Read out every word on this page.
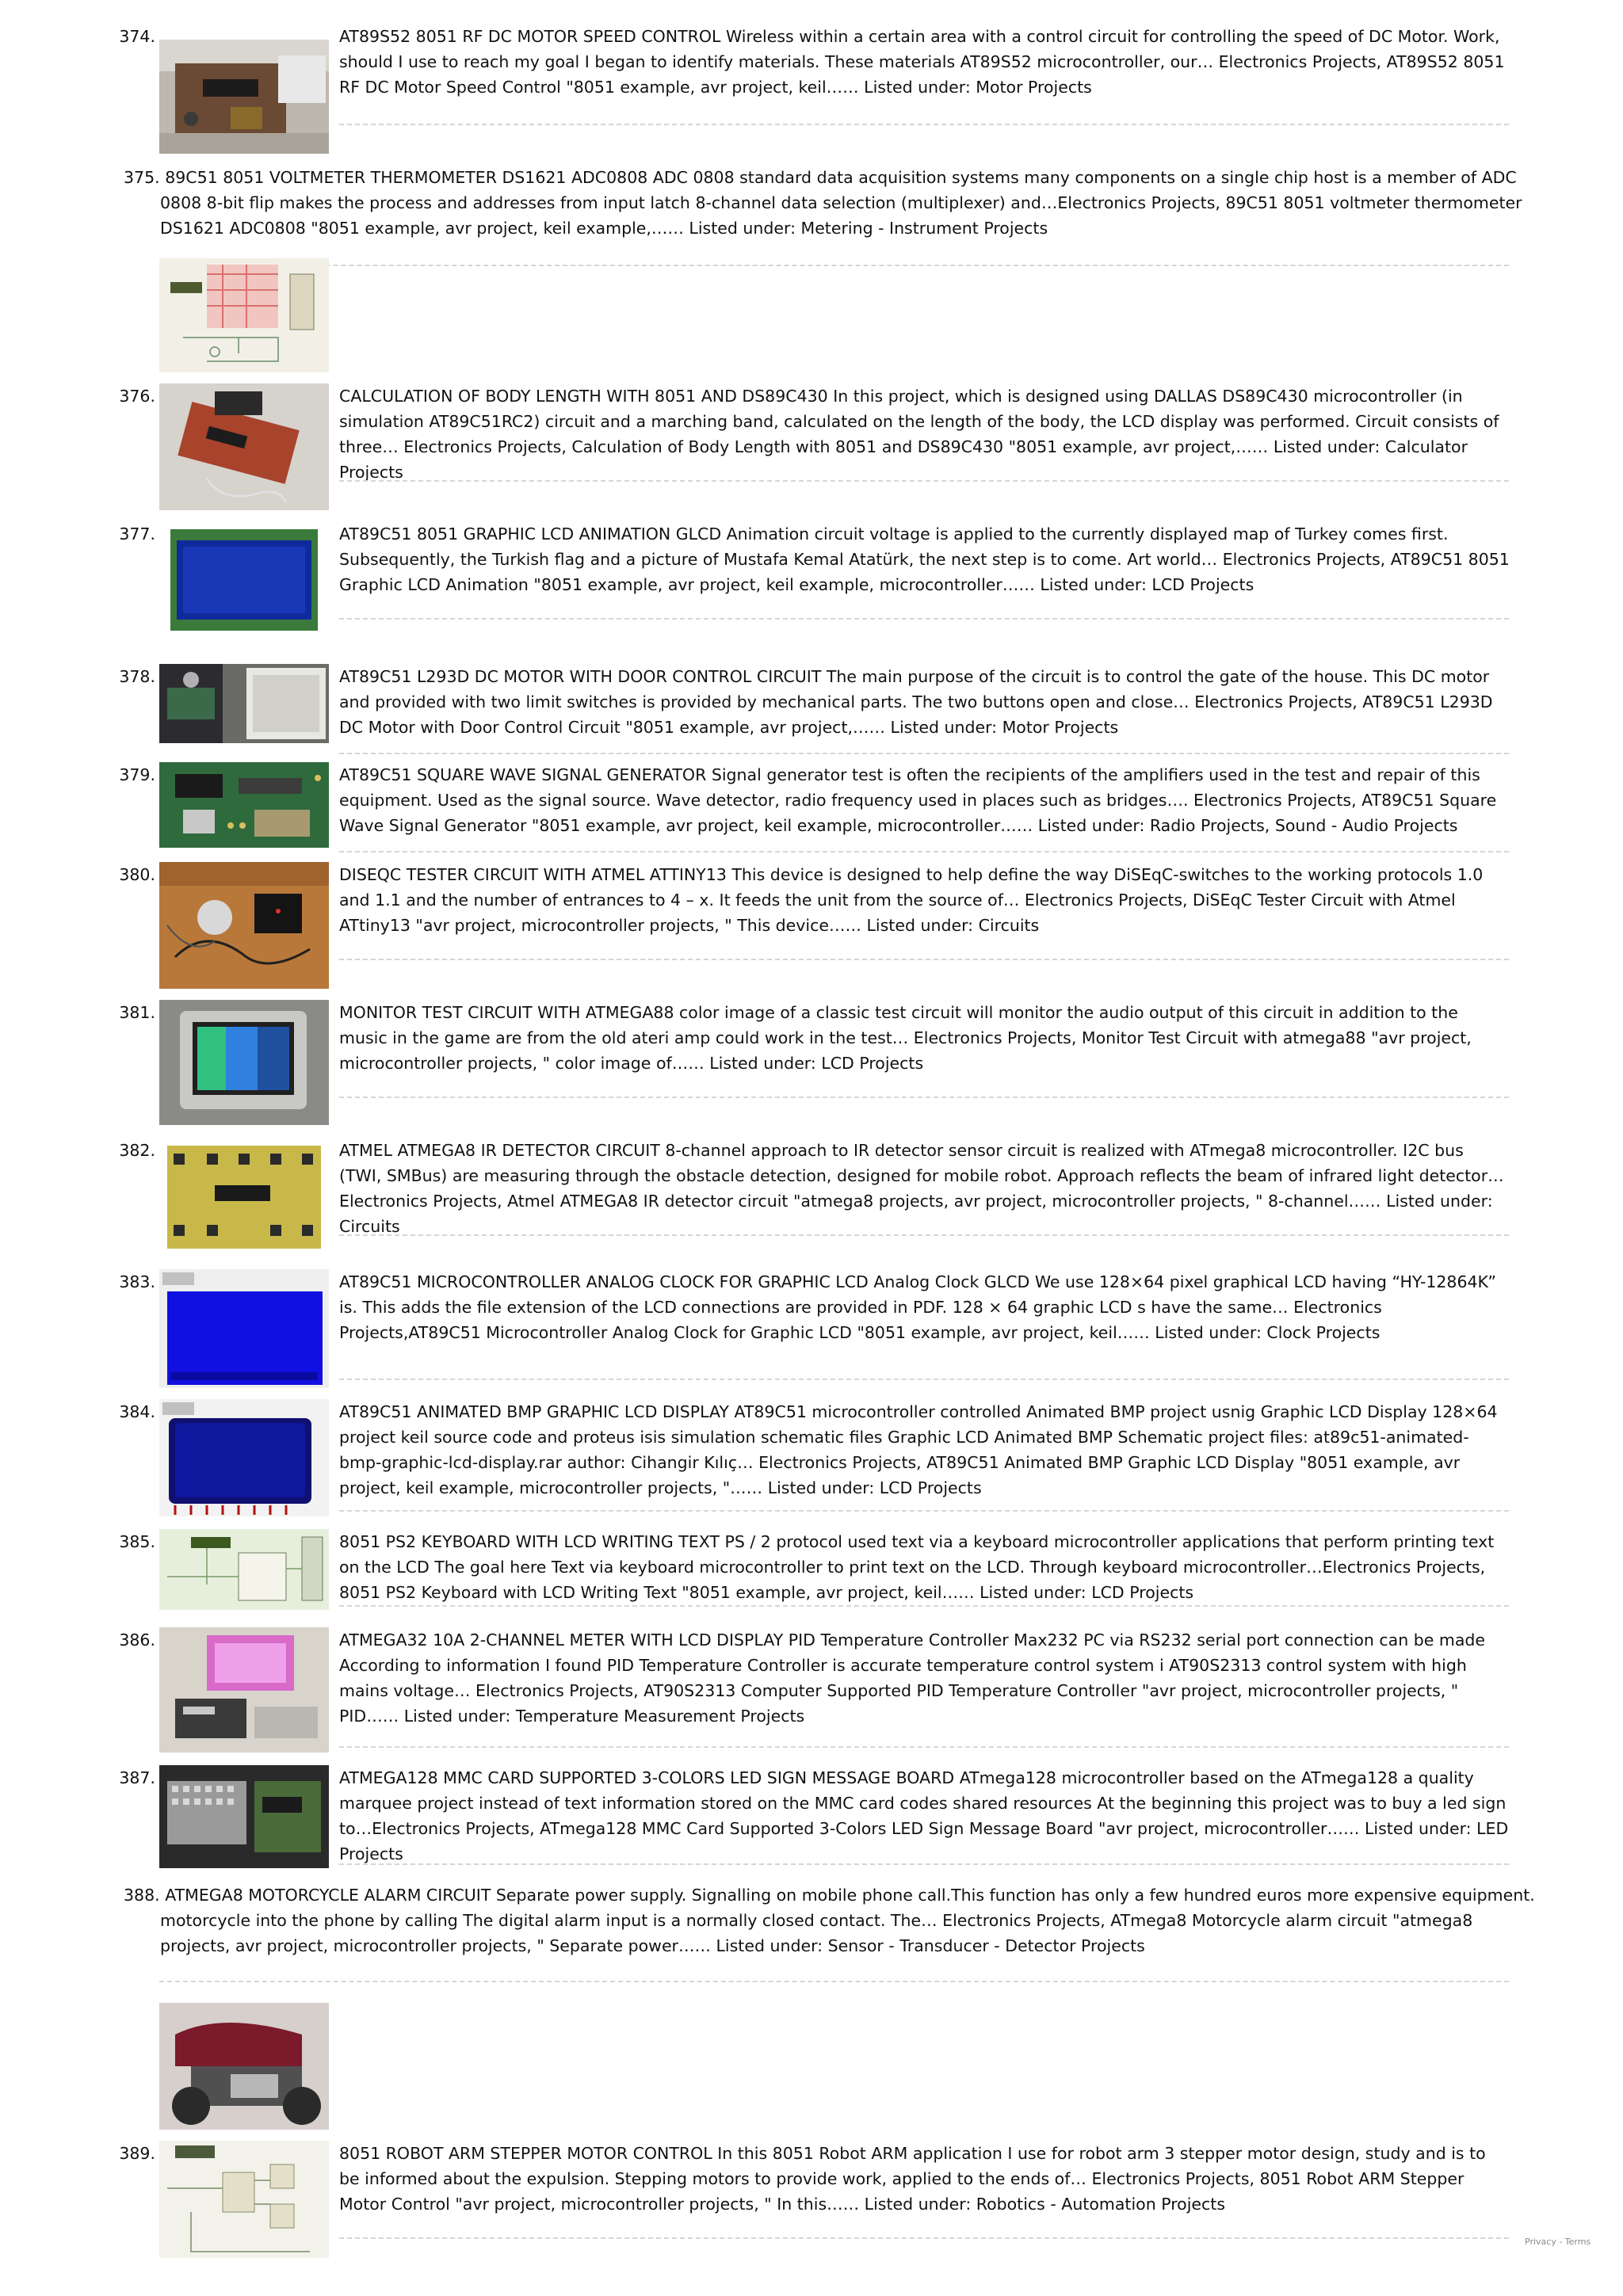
374.	AT89S52 8051 RF DC MOTOR SPEED CONTROL Wireless within a certain area with a control circuit for controlling the speed of DC Motor. Work, should I use to reach my goal I began to identify materials. These materials AT89S52 microcontroller, our… Electronics Projects, AT89S52 8051 RF DC Motor Speed Control "8051 example, avr project, keil…… Listed under: Motor Projects
375. 89C51 8051 VOLTMETER THERMOMETER DS1621 ADC0808 ADC 0808 standard data acquisition systems many components on a single chip host is a member of ADC 0808 8-bit flip makes the process and addresses from input latch 8-channel data selection (multiplexer) and…Electronics Projects, 89C51 8051 voltmeter thermometer DS1621 ADC0808 "8051 example, avr project, keil example,…… Listed under: Metering - Instrument Projects
376.	CALCULATION OF BODY LENGTH WITH 8051 AND DS89C430 In this project, which is designed using DALLAS DS89C430 microcontroller (in simulation AT89C51RC2) circuit and a marching band, calculated on the length of the body, the LCD display was performed. Circuit consists of three… Electronics Projects, Calculation of Body Length with 8051 and DS89C430 "8051 example, avr project,…… Listed under: Calculator Projects
377.	AT89C51 8051 GRAPHIC LCD ANIMATION GLCD Animation circuit voltage is applied to the currently displayed map of Turkey comes first. Subsequently, the Turkish flag and a picture of Mustafa Kemal Atatürk, the next step is to come. Art world… Electronics Projects, AT89C51 8051 Graphic LCD Animation "8051 example, avr project, keil example, microcontroller…… Listed under: LCD Projects
378.	AT89C51 L293D DC MOTOR WITH DOOR CONTROL CIRCUIT The main purpose of the circuit is to control the gate of the house. This DC motor and provided with two limit switches is provided by mechanical parts. The two buttons open and close… Electronics Projects, AT89C51 L293D DC Motor with Door Control Circuit "8051 example, avr project,…… Listed under: Motor Projects
379.	AT89C51 SQUARE WAVE SIGNAL GENERATOR Signal generator test is often the recipients of the amplifiers used in the test and repair of this equipment. Used as the signal source. Wave detector, radio frequency used in places such as bridges…. Electronics Projects, AT89C51 Square Wave Signal Generator "8051 example, avr project, keil example, microcontroller…… Listed under: Radio Projects, Sound - Audio Projects
380.	DISEQC TESTER CIRCUIT WITH ATMEL ATTINY13 This device is designed to help define the way DiSEqC-switches to the working protocols 1.0 and 1.1 and the number of entrances to 4 – x. It feeds the unit from the source of… Electronics Projects, DiSEqC Tester Circuit with Atmel ATtiny13 "avr project, microcontroller projects, " This device…… Listed under: Circuits
381.	MONITOR TEST CIRCUIT WITH ATMEGA88 color image of a classic test circuit will monitor the audio output of this circuit in addition to the music in the game are from the old ateri amp could work in the test… Electronics Projects, Monitor Test Circuit with atmega88 "avr project, microcontroller projects, " color image of…… Listed under: LCD Projects
382.	ATMEL ATMEGA8 IR DETECTOR CIRCUIT 8-channel approach to IR detector sensor circuit is realized with ATmega8 microcontroller. I2C bus (TWI, SMBus) are measuring through the obstacle detection, designed for mobile robot. Approach reflects the beam of infrared light detector… Electronics Projects, Atmel ATMEGA8 IR detector circuit "atmega8 projects, avr project, microcontroller projects, " 8-channel…… Listed under: Circuits
383.	AT89C51 MICROCONTROLLER ANALOG CLOCK FOR GRAPHIC LCD Analog Clock GLCD We use 128×64 pixel graphical LCD having “HY-12864K” is. This adds the file extension of the LCD connections are provided in PDF. 128 × 64 graphic LCD s have the same… Electronics Projects,AT89C51 Microcontroller Analog Clock for Graphic LCD "8051 example, avr project, keil…… Listed under: Clock Projects
384.	AT89C51 ANIMATED BMP GRAPHIC LCD DISPLAY AT89C51 microcontroller controlled Animated BMP project usnig Graphic LCD Display 128×64 project keil source code and proteus isis simulation schematic files Graphic LCD Animated BMP Schematic project files: at89c51-animated-bmp-graphic-lcd-display.rar author: Cihangir Kılıç… Electronics Projects, AT89C51 Animated BMP Graphic LCD Display "8051 example, avr project, keil example, microcontroller projects, "…… Listed under: LCD Projects
385.	8051 PS2 KEYBOARD WITH LCD WRITING TEXT PS / 2 protocol used text via a keyboard microcontroller applications that perform printing text on the LCD The goal here Text via keyboard microcontroller to print text on the LCD. Through keyboard microcontroller…Electronics Projects, 8051 PS2 Keyboard with LCD Writing Text "8051 example, avr project, keil…… Listed under: LCD Projects
386.	ATMEGA32 10A 2-CHANNEL METER WITH LCD DISPLAY PID Temperature Controller Max232 PC via RS232 serial port connection can be made According to information I found PID Temperature Controller is accurate temperature control system i AT90S2313 control system with high mains voltage… Electronics Projects, AT90S2313 Computer Supported PID Temperature Controller "avr project, microcontroller projects, " PID…… Listed under: Temperature Measurement Projects
387.	ATMEGA128 MMC CARD SUPPORTED 3-COLORS LED SIGN MESSAGE BOARD ATmega128 microcontroller based on the ATmega128 a quality marquee project instead of text information stored on the MMC card codes shared resources At the beginning this project was to buy a led sign to…Electronics Projects, ATmega128 MMC Card Supported 3-Colors LED Sign Message Board "avr project, microcontroller…… Listed under: LED Projects
388. ATMEGA8 MOTORCYCLE ALARM CIRCUIT Separate power supply. Signalling on mobile phone call.This function has only a few hundred euros more expensive equipment. motorcycle into the phone by calling The digital alarm input is a normally closed contact. The… Electronics Projects, ATmega8 Motorcycle alarm circuit "atmega8 projects, avr project, microcontroller projects, " Separate power…… Listed under: Sensor - Transducer - Detector Projects
389.	8051 ROBOT ARM STEPPER MOTOR CONTROL In this 8051 Robot ARM application I use for robot arm 3 stepper motor design, study and is to be informed about the expulsion. Stepping motors to provide work, applied to the ends of… Electronics Projects, 8051 Robot ARM Stepper Motor Control "avr project, microcontroller projects, " In this…… Listed under: Robotics - Automation Projects
Privacy - Terms
